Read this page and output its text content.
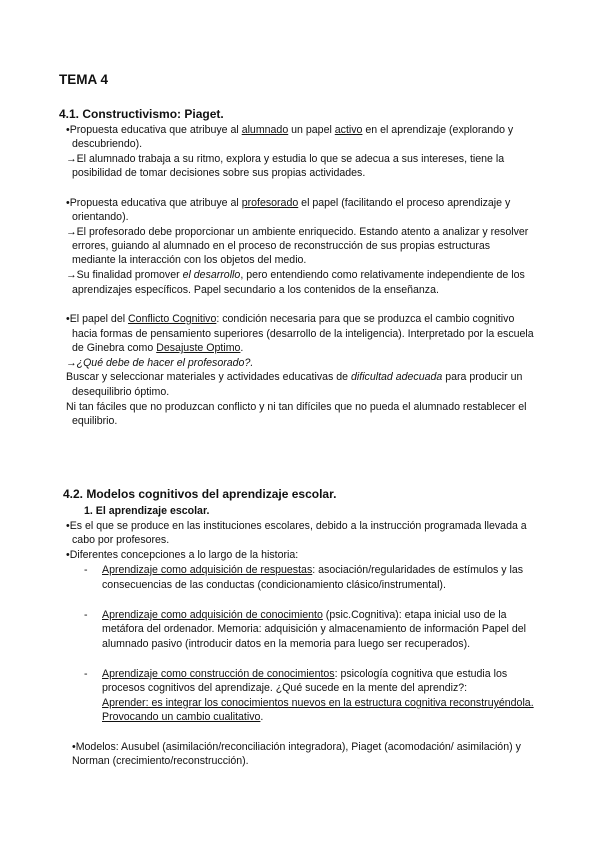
TEMA 4
4.1. Constructivismo: Piaget.
•Propuesta educativa que atribuye al alumnado un papel activo en el aprendizaje (explorando y
descubriendo).
→El alumnado trabaja a su ritmo, explora y estudia lo que se adecua a sus intereses, tiene la
posibilidad de tomar decisiones sobre sus propias actividades.
•Propuesta educativa que atribuye al profesorado el papel (facilitando el proceso aprendizaje y
orientando).
→El profesorado debe proporcionar un ambiente enriquecido. Estando atento a analizar y resolver
errores, guiando al alumnado en el proceso de reconstrucción de sus propias estructuras
mediante la interacción con los objetos del medio.
→Su finalidad promover el desarrollo, pero entendiendo como relativamente independiente de los
aprendizajes específicos. Papel secundario a los contenidos de la enseñanza.
•El papel del Conflicto Cognitivo: condición necesaria para que se produzca el cambio cognitivo
hacia formas de pensamiento superiores (desarrollo de la inteligencia). Interpretado por la escuela
de Ginebra como Desajuste Optimo.
→¿Qué debe de hacer el profesorado?.
Buscar y seleccionar materiales y actividades educativas de dificultad adecuada para producir un
desequilibrio óptimo.
Ni tan fáciles que no produzcan conflicto y ni tan difíciles que no pueda el alumnado restablecer el
equilibrio.
4.2. Modelos cognitivos del aprendizaje escolar.
1. El aprendizaje escolar.
•Es el que se produce en las instituciones escolares, debido a la instrucción programada llevada a
cabo por profesores.
•Diferentes concepciones a lo largo de la historia:
- Aprendizaje como adquisición de respuestas: asociación/regularidades de estímulos y las
consecuencias de las conductas (condicionamiento clásico/instrumental).
- Aprendizaje como adquisición de conocimiento (psic.Cognitiva): etapa inicial uso de la
metáfora del ordenador. Memoria: adquisición y almacenamiento de información Papel del
alumnado pasivo (introducir datos en la memoria para luego ser recuperados).
- Aprendizaje como construcción de conocimientos: psicología cognitiva que estudia los
procesos cognitivos del aprendizaje. ¿Qué sucede en la mente del aprendiz?:
Aprender: es integrar los conocimientos nuevos en la estructura cognitiva reconstruyéndola.
Provocando un cambio cualitativo.
•Modelos: Ausubel (asimilación/reconciliación integradora), Piaget (acomodación/ asimilación) y
Norman (crecimiento/reconstrucción).
